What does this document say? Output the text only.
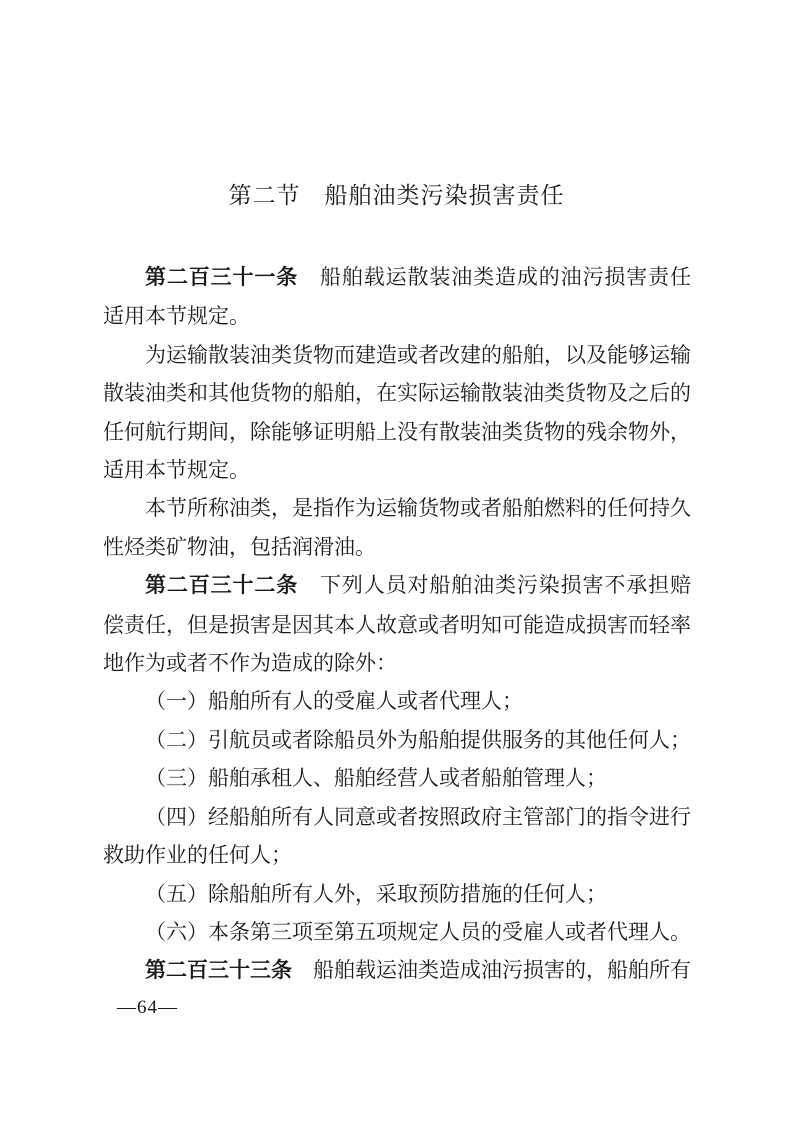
第二节　船舶油类污染损害责任
第二百三十一条　 船舶载运散装油类造成的油污损害责任
适用本节规定。
为运输散装油类货物而建造或者改建的船舶，以及能够运输
散装油类和其他货物的船舶，在实际运输散装油类货物及之后的
任何航行期间，除能够证明船上没有散装油类货物的残余物外，
适用本节规定。
本节所称油类，是指作为运输货物或者船舶燃料的任何持久
性烃类矿物油，包括润滑油。
第二百三十二条　 下列人员对船舶油类污染损害不承担赔
偿责任，但是损害是因其本人故意或者明知可能造成损害而轻率
地作为或者不作为造成的除外：
（一）船舶所有人的受雇人或者代理人；
（二）引航员或者除船员外为船舶提供服务的其他任何人；
（三）船舶承租人、船舶经营人或者船舶管理人；
（四）经船舶所有人同意或者按照政府主管部门的指令进行
救助作业的任何人；
（五）除船舶所有人外，采取预防措施的任何人；
（六）本条第三项至第五项规定人员的受雇人或者代理人。
第二百三十三条　 船舶载运油类造成油污损害的，船舶所有
—64—
